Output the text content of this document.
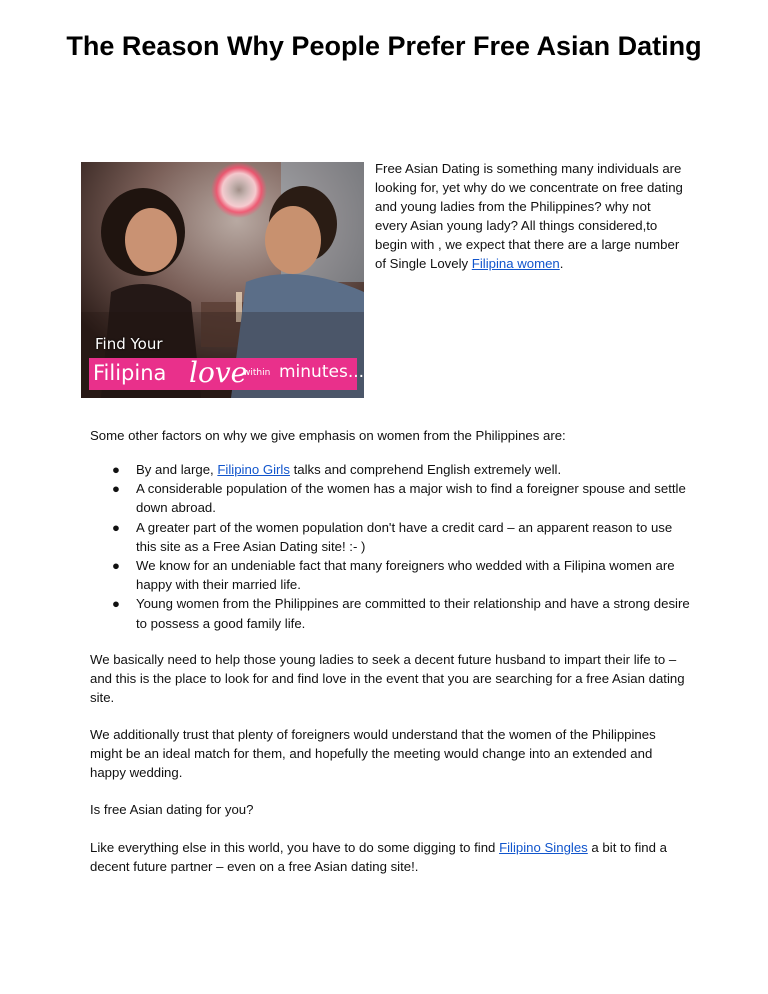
The Reason Why People Prefer Free Asian Dating
Find Your
Filipina love
within minutes...

Free Asian Dating is something many individuals are looking for, yet why do we concentrate on free dating and young ladies from the Philippines? why not every Asian young lady? All things considered,to begin with , we expect that there are a large number of Single Lovely Filipina women.

Some other factors on why we give emphasis on women from the Philippines are:

● By and large, Filipino Girls talks and comprehend English extremely well.
● A considerable population of the women has a major wish to find a foreigner spouse and settle down abroad.
● A greater part of the women population don't have a credit card – an apparent reason to use this site as a Free Asian Dating site! :- )
● We know for an undeniable fact that many foreigners who wedded with a Filipina women are happy with their married life.
● Young women from the Philippines are committed to their relationship and have a strong desire to possess a good family life.

We basically need to help those young ladies to seek a decent future husband to impart their life to – and this is the place to look for and find love in the event that you are searching for a free Asian dating site.

We additionally trust that plenty of foreigners would understand that the women of the Philippines might be an ideal match for them, and hopefully the meeting would change into an extended and happy wedding.

Is free Asian dating for you?

Like everything else in this world, you have to do some digging to find Filipino Singles a bit to find a decent future partner – even on a free Asian dating site!.
